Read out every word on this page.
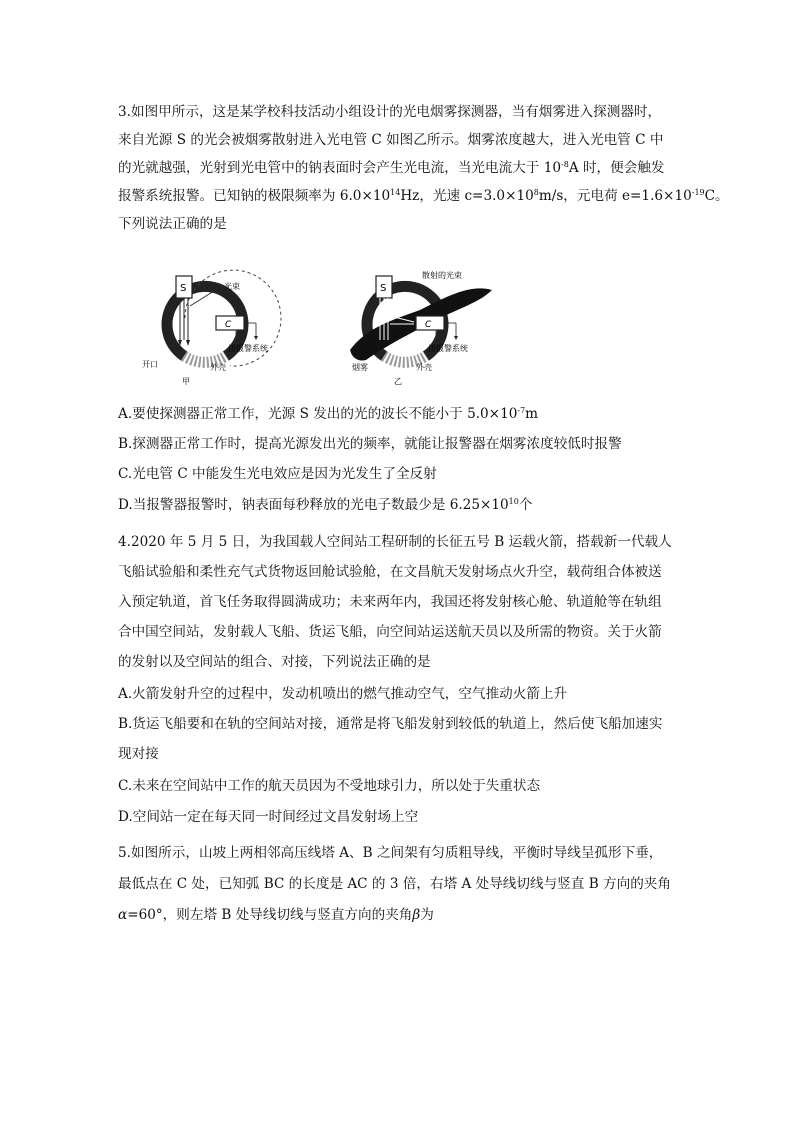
3.如图甲所示，这是某学校科技活动小组设计的光电烟雾探测器，当有烟雾进入探测器时，
来自光源 S 的光会被烟雾散射进入光电管 C 如图乙所示。烟雾浓度越大，进入光电管 C 中
的光就越强，光射到光电管中的钠表面时会产生光电流，当光电流大于 $10^{-8}A$ 时，便会触发
报警系统报警。已知钠的极限频率为 $6.0\times 10^{14}Hz$，光速 $c=3.0\times 10^8m/s$，元电荷 $e=1.6\times 10^{-19}C$。
下列说法正确的是
S	光束
C
接报警系统
开口	外壳
甲
S
散射的光束
C
接报警系统
烟雾	外壳
乙
A.要使探测器正常工作，光源 S 发出的光的波长不能小于 $5.0\times 10^{-7}m$
B.探测器正常工作时，提高光源发出光的频率，就能让报警器在烟雾浓度较低时报警
C.光电管 C 中能发生光电效应是因为光发生了全反射
D.当报警器报警时，钠表面每秒释放的光电子数最少是 $6.25\times 10^{10}$个
4.2020 年 5 月 5 日，为我国载人空间站工程研制的长征五号 B 运载火箭，搭载新一代载人
飞船试验船和柔性充气式货物返回舱试验舱，在文昌航天发射场点火升空，载荷组合体被送
入预定轨道，首飞任务取得圆满成功；未来两年内，我国还将发射核心舱、轨道舱等在轨组
合中国空间站，发射载人飞船、货运飞船，向空间站运送航天员以及所需的物资。关于火箭
的发射以及空间站的组合、对接，下列说法正确的是
A.火箭发射升空的过程中，发动机喷出的燃气推动空气，空气推动火箭上升
B.货运飞船要和在轨的空间站对接，通常是将飞船发射到较低的轨道上，然后使飞船加速实
现对接
C.未来在空间站中工作的航天员因为不受地球引力，所以处于失重状态
D.空间站一定在每天同一时间经过文昌发射场上空
5.如图所示，山坡上两相邻高压线塔 A、B 之间架有匀质粗导线，平衡时导线呈孤形下垂，
最低点在 C 处，已知弧 BC 的长度是 AC 的 3 倍，右塔 A 处导线切线与竖直 B 方向的夹角
α=60°，则左塔 B 处导线切线与竖直方向的夹角β为
